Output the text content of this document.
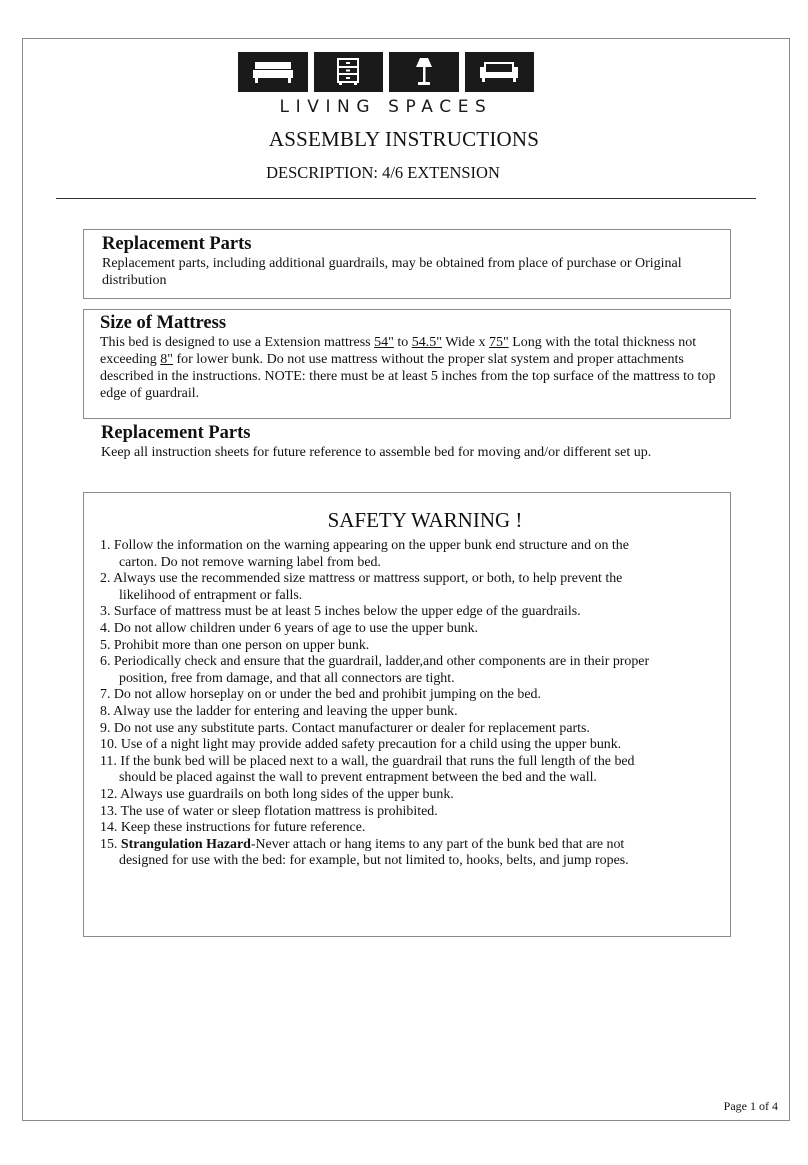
LIVING SPACES
ASSEMBLY INSTRUCTIONS
DESCRIPTION: 4/6 EXTENSION
Replacement Parts

Replacement parts, including additional guardrails, may be obtained from place of purchase or Original distribution

Size of Mattress

This bed is designed to use a Extension mattress 54" to 54.5" Wide x 75" Long with the total thickness not exceeding 8" for lower bunk. Do not use mattress without the proper slat system and proper attachments described in the instructions. NOTE: there must be at least 5 inches from the top surface of the mattress to top edge of guardrail.

Replacement Parts

Keep all instruction sheets for future reference to assemble bed for moving and/or different set up.

SAFETY WARNING !
1. Follow the information on the warning appearing on the upper bunk end structure and on the
carton. Do not remove warning label from bed.
2. Always use the recommended size mattress or mattress support, or both, to help prevent the
likelihood of entrapment or falls.
3. Surface of mattress must be at least 5 inches below the upper edge of the guardrails.
4. Do not allow children under 6 years of age to use the upper bunk.
5. Prohibit more than one person on upper bunk.
6. Periodically check and ensure that the guardrail, ladder,and other components are in their proper
position, free from damage, and that all connectors are tight.
7. Do not allow horseplay on or under the bed and prohibit jumping on the bed.
8. Alway use the ladder for entering and leaving the upper bunk.
9. Do not use any substitute parts. Contact manufacturer or dealer for replacement parts.
10. Use of a night light may provide added safety precaution for a child using the upper bunk.
11. If the bunk bed will be placed next to a wall, the guardrail that runs the full length of the bed
should be placed against the wall to prevent entrapment between the bed and the wall.
12. Always use guardrails on both long sides of the upper bunk.
13. The use of water or sleep flotation mattress is prohibited.
14. Keep these instructions for future reference.
15. Strangulation Hazard-Never attach or hang items to any part of the bunk bed that are not
designed for use with the bed: for example, but not limited to, hooks, belts, and jump ropes.
Page 1 of 4
